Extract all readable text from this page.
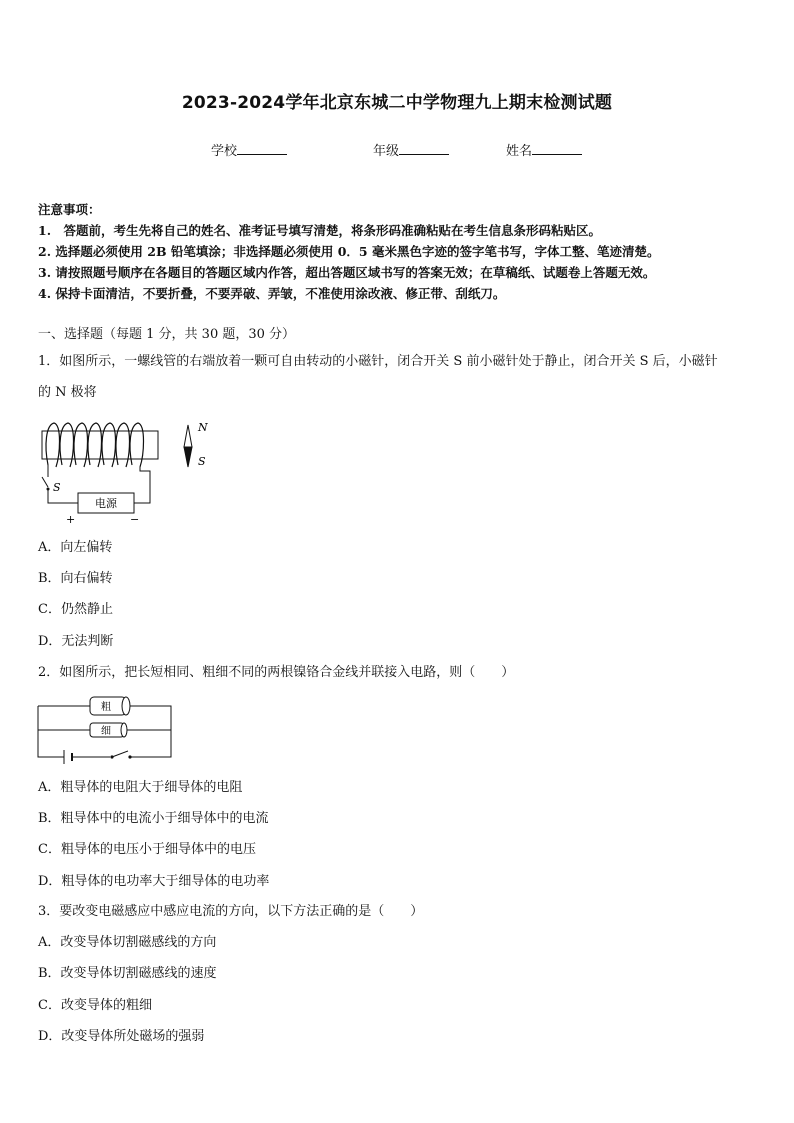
2023-2024学年北京东城二中学物理九上期末检测试题
学校	年级	姓名
注意事项：
1.　答题前，考生先将自己的姓名、准考证号填写清楚，将条形码准确粘贴在考生信息条形码粘贴区。
2. 选择题必须使用 2B 铅笔填涂；非选择题必须使用 0．5 毫米黑色字迹的签字笔书写，字体工整、笔迹清楚。
3. 请按照题号顺序在各题目的答题区域内作答，超出答题区域书写的答案无效；在草稿纸、试题卷上答题无效。
4. 保持卡面清洁，不要折叠，不要弄破、弄皱，不准使用涂改液、修正带、刮纸刀。
一、选择题（每题 1 分，共 30 题，30 分）
1．如图所示，一螺线管的右端放着一颗可自由转动的小磁针，闭合开关 S 前小磁针处于静止，闭合开关 S 后，小磁针
的 N 极将
S
电源
+	−
N
S
A．向左偏转
B．向右偏转
C．仍然静止
D．无法判断
2．如图所示，把长短相同、粗细不同的两根镍铬合金线并联接入电路，则（　　）
粗
细
A．粗导体的电阻大于细导体的电阻
B．粗导体中的电流小于细导体中的电流
C．粗导体的电压小于细导体中的电压
D．粗导体的电功率大于细导体的电功率
3．要改变电磁感应中感应电流的方向，以下方法正确的是（　　）
A．改变导体切割磁感线的方向
B．改变导体切割磁感线的速度
C．改变导体的粗细
D．改变导体所处磁场的强弱
